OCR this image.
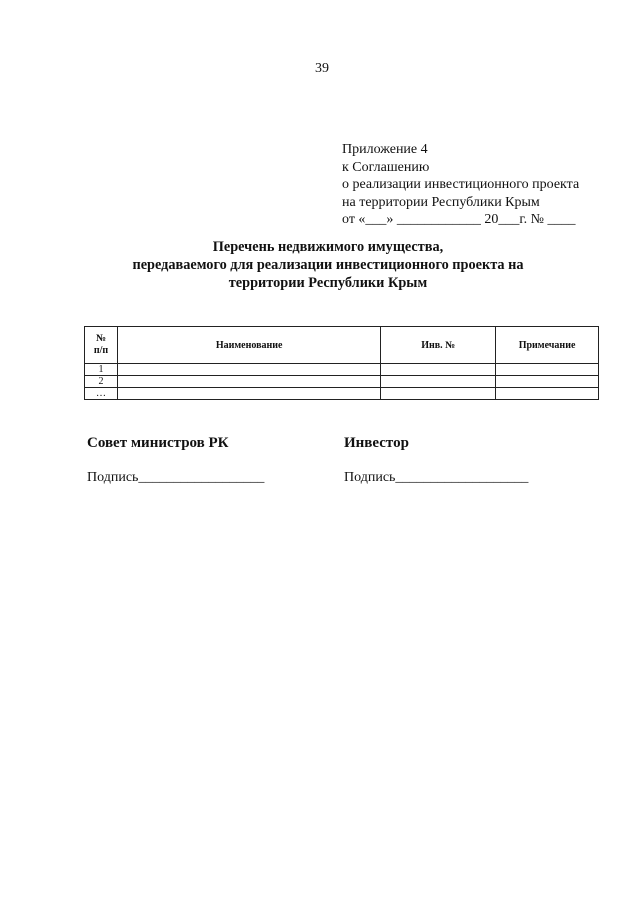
39
Приложение 4
к Соглашению
о реализации инвестиционного проекта
на территории Республики Крым
от «___» ____________ 20___г. № ____
Перечень недвижимого имущества,
передаваемого для реализации инвестиционного проекта на
территории Республики Крым
№
п/п	Наименование	Инв. №	Примечание
1			
2			
…			
Совет министров РК	Инвестор
Подпись__________________	Подпись___________________
